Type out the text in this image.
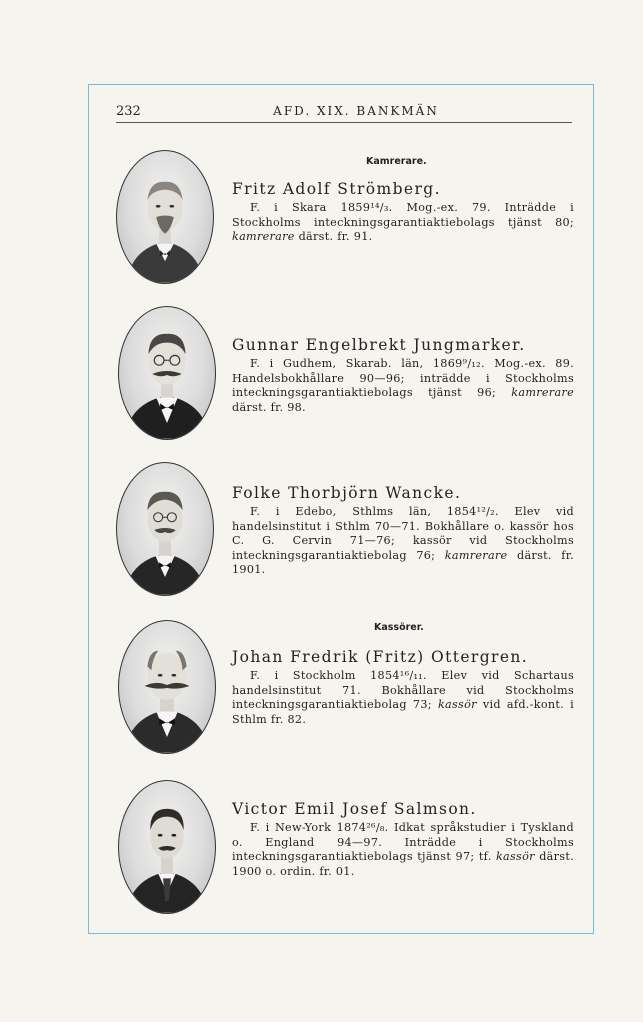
232	AFD. XIX. BANKMÄN
Kamrerare.

Fritz Adolf Strömberg.

F. i Skara 1859¹⁴/₃. Mog.-ex. 79. Inträdde i Stockholms inteckningsgarantiaktiebolags tjänst 80; kamrerare därst. fr. 91.

Gunnar Engelbrekt Jungmarker.

F. i Gudhem, Skarab. län, 1869⁹/₁₂. Mog.-ex. 89. Handelsbokhållare 90—96; inträdde i Stockholms inteckningsgarantiaktiebolags tjänst 96; kamrerare därst. fr. 98.

Folke Thorbjörn Wancke.

F. i Edebo, Sthlms län, 1854¹²/₂. Elev vid handelsinstitut i Sthlm 70—71. Bokhållare o. kassör hos C. G. Cervin 71—76; kassör vid Stockholms inteckningsgarantiaktiebolag 76; kamrerare därst. fr. 1901.

Kassörer.

Johan Fredrik (Fritz) Ottergren.

F. i Stockholm 1854¹⁶/₁₁. Elev vid Schartaus handelsinstitut 71. Bokhållare vid Stockholms inteckningsgarantiaktiebolag 73; kassör vid afd.-kont. i Sthlm fr. 82.

Victor Emil Josef Salmson.

F. i New-York 1874²⁶/₈. Idkat språkstudier i Tyskland o. England 94—97. Inträdde i Stockholms inteckningsgarantiaktiebolags tjänst 97; tf. kassör därst. 1900 o. ordin. fr. 01.
